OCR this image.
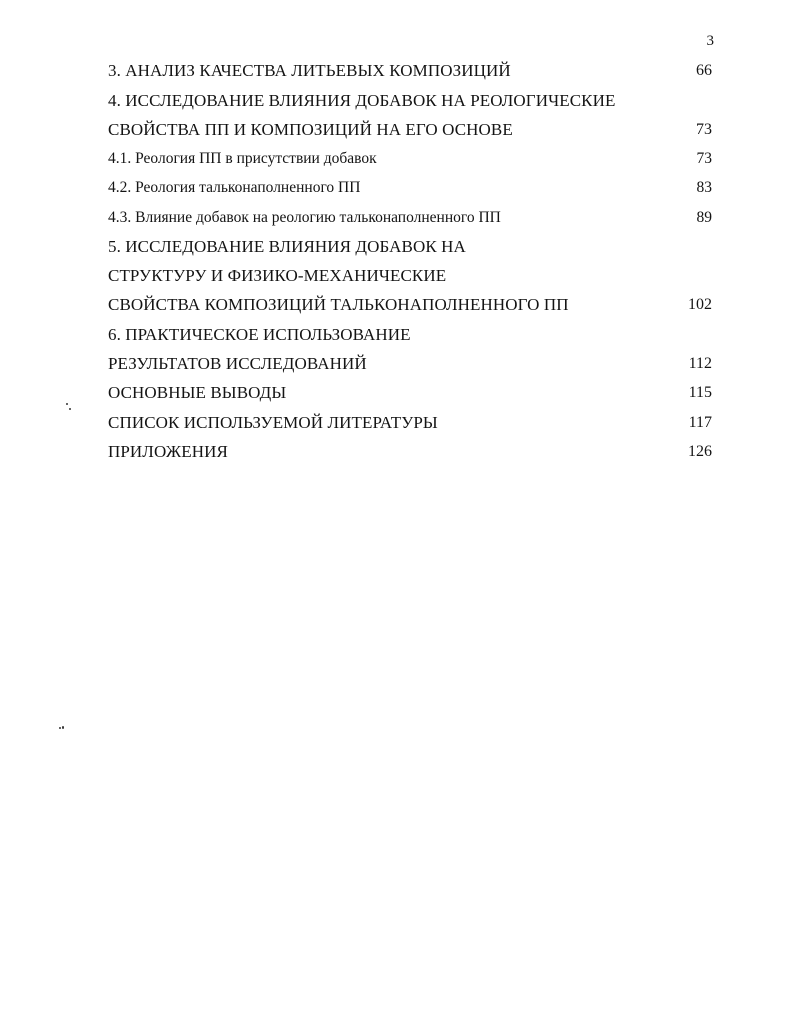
3
3. АНАЛИЗ КАЧЕСТВА ЛИТЬЕВЫХ КОМПОЗИЦИЙ	66
4. ИССЛЕДОВАНИЕ ВЛИЯНИЯ ДОБАВОК НА РЕОЛОГИЧЕСКИЕ
СВОЙСТВА ПП И КОМПОЗИЦИЙ НА ЕГО ОСНОВЕ	73
4.1. Реология ПП в присутствии добавок	73
4.2. Реология тальконаполненного ПП	83
4.3. Влияние добавок на реологию тальконаполненного ПП	89
5. ИССЛЕДОВАНИЕ ВЛИЯНИЯ ДОБАВОК НА
СТРУКТУРУ И ФИЗИКО-МЕХАНИЧЕСКИЕ
СВОЙСТВА КОМПОЗИЦИЙ ТАЛЬКОНАПОЛНЕННОГО ПП	102
6. ПРАКТИЧЕСКОЕ ИСПОЛЬЗОВАНИЕ
РЕЗУЛЬТАТОВ ИССЛЕДОВАНИЙ	112
ОСНОВНЫЕ ВЫВОДЫ	115
СПИСОК ИСПОЛЬЗУЕМОЙ ЛИТЕРАТУРЫ	117
ПРИЛОЖЕНИЯ	126
